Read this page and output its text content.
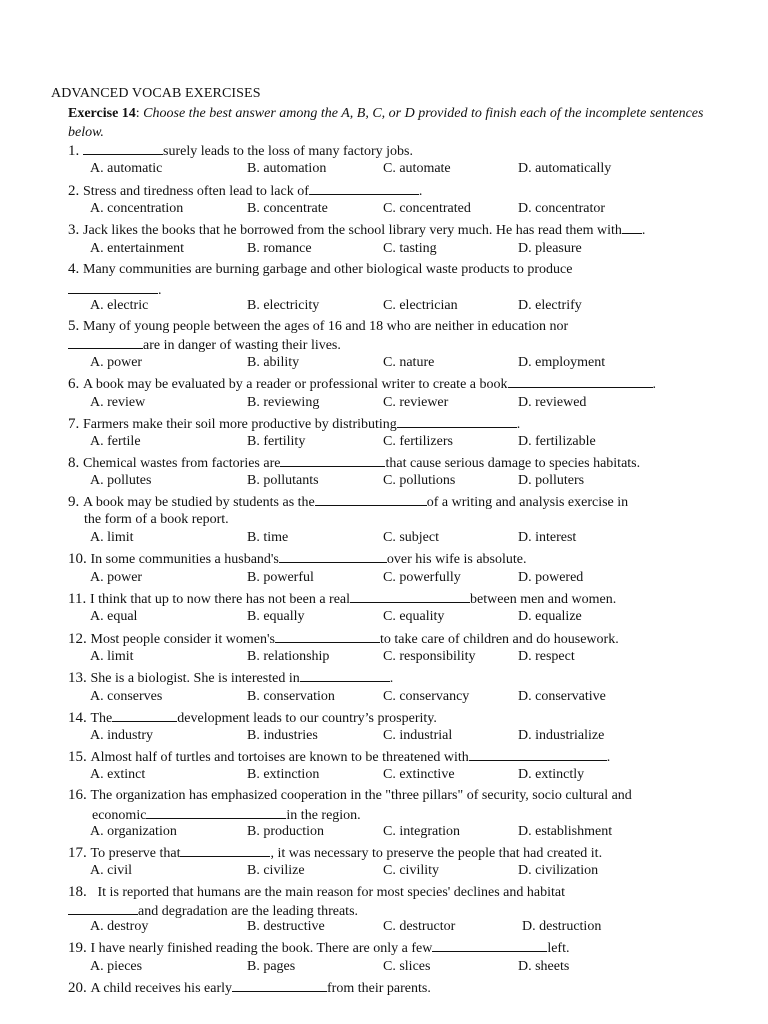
ADVANCED VOCAB EXERCISES
Exercise 14: Choose the best answer among the A, B, C, or D provided to finish each of the incomplete sentences below.
1.	surely leads to the loss of many factory jobs.
A. automatic	B. automation	C. automate	D. automatically
2. Stress and tiredness often lead to lack of	.
A. concentration	B. concentrate	C. concentrated	D. concentrator
3. Jack likes the books that he borrowed from the school library very much. He has read them with .
A. entertainment	B. romance	C. tasting	D. pleasure
4. Many communities are burning garbage and other biological waste products to produce
.
A. electric	B. electricity	C. electrician	D. electrify
5. Many of young people between the ages of 16 and 18 who are neither in education nor
are in danger of wasting their lives.
A. power	B. ability	C. nature	D. employment
6. A book may be evaluated by a reader or professional writer to create a book	.
A. review	B. reviewing	C. reviewer	D. reviewed
7. Farmers make their soil more productive by distributing	.
A. fertile	B. fertility	C. fertilizers	D. fertilizable
8. Chemical wastes from factories are	that cause serious damage to species habitats.
A. pollutes	B. pollutants	C. pollutions	D. polluters
9. A book may be studied by students as the	of a writing and analysis exercise in
the form of a book report.
A. limit	B. time	C. subject	D. interest
10. In some communities a husband's	over his wife is absolute.
A. power	B. powerful	C. powerfully	D. powered
11. I think that up to now there has not been a real	between men and women.
A. equal	B. equally	C. equality	D. equalize
12. Most people consider it women's	to take care of children and do housework.
A. limit	B. relationship	C. responsibility	D. respect
13. She is a biologist. She is interested in	.
A. conserves	B. conservation	C. conservancy	D. conservative
14. The	development leads to our country’s prosperity.
A. industry	B. industries	C. industrial	D. industrialize
15. Almost half of turtles and tortoises are known to be threatened with	.
A. extinct	B. extinction	C. extinctive	D. extinctly
16. The organization has emphasized cooperation in the "three pillars" of security, socio cultural and
economic	in the region.
A. organization	B. production	C. integration	D. establishment
17. To preserve that	, it was necessary to preserve the people that had created it.
A. civil	B. civilize	C. civility	D. civilization
18.   It is reported that humans are the main reason for most species' declines and habitat
and degradation are the leading threats.
A. destroy	B. destructive	C. destructor	D. destruction
19. I have nearly finished reading the book. There are only a few	left.
A. pieces	B. pages	C. slices	D. sheets
20. A child receives his early	from their parents.
